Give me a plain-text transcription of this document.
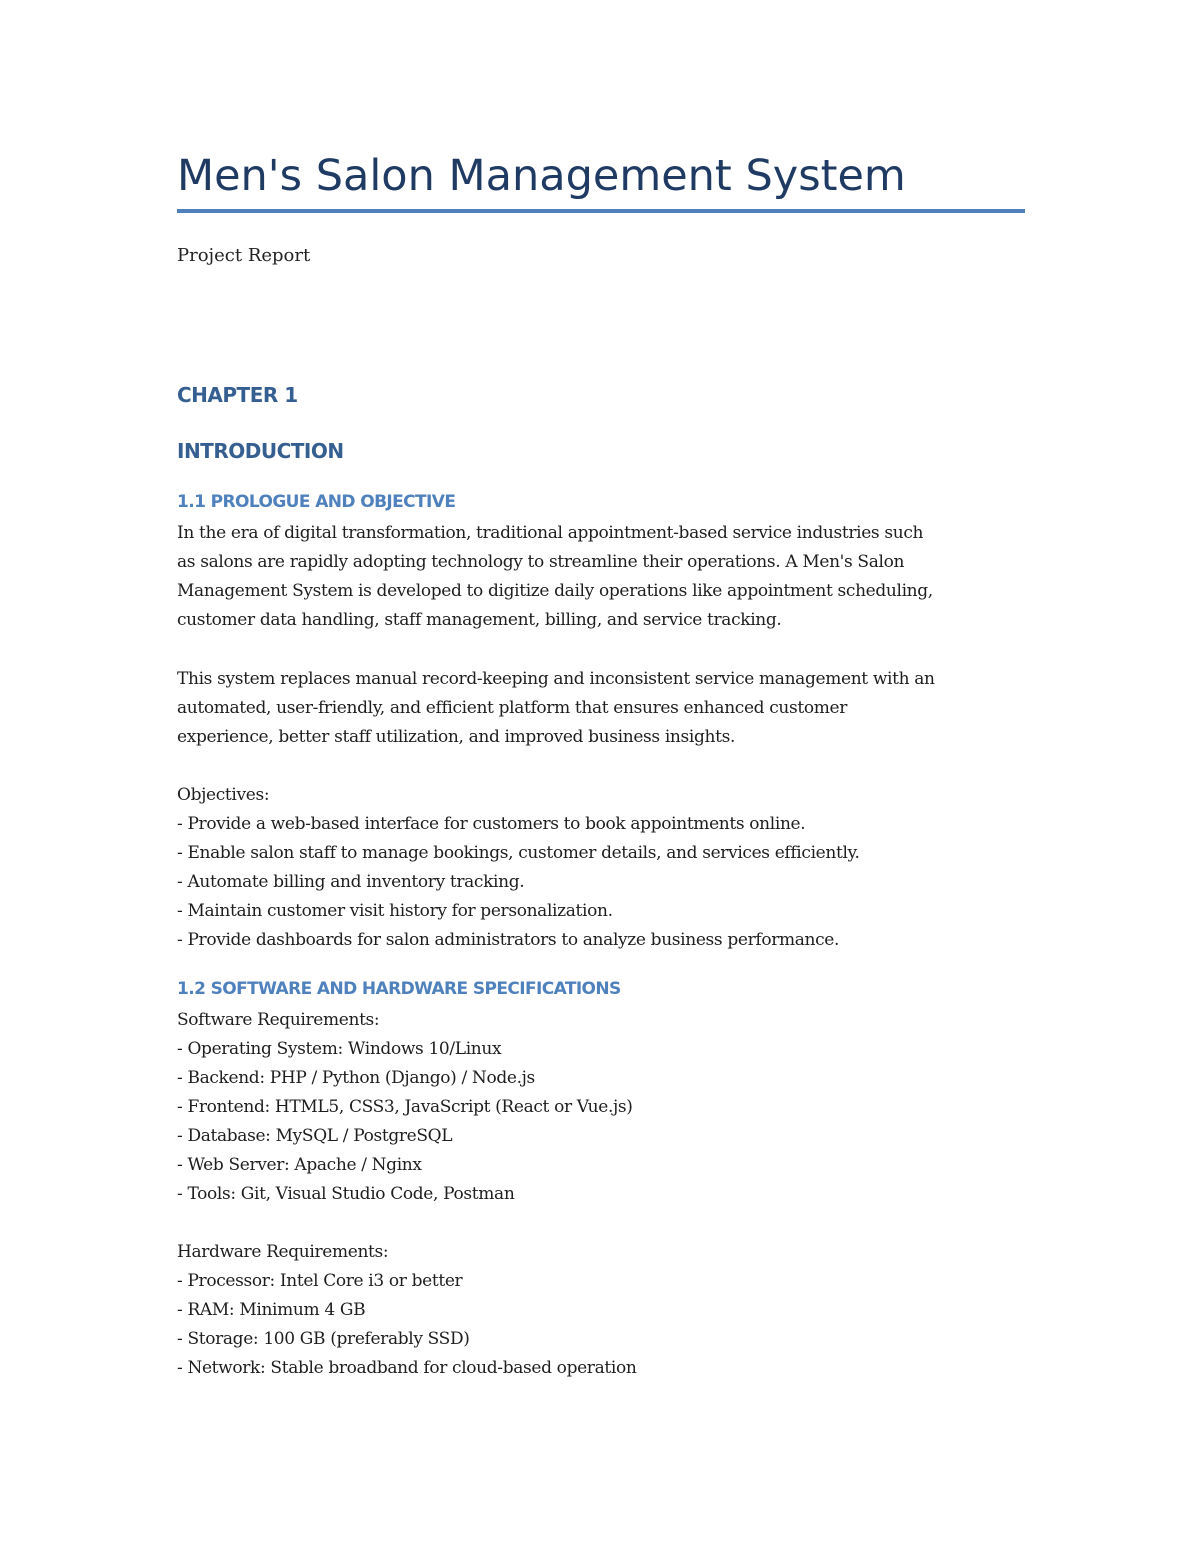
Men's Salon Management System
Project Report
CHAPTER 1
INTRODUCTION
1.1 PROLOGUE AND OBJECTIVE
In the era of digital transformation, traditional appointment-based service industries such
as salons are rapidly adopting technology to streamline their operations. A Men's Salon
Management System is developed to digitize daily operations like appointment scheduling,
customer data handling, staff management, billing, and service tracking.
This system replaces manual record-keeping and inconsistent service management with an
automated, user-friendly, and efficient platform that ensures enhanced customer
experience, better staff utilization, and improved business insights.
Objectives:
- Provide a web-based interface for customers to book appointments online.
- Enable salon staff to manage bookings, customer details, and services efficiently.
- Automate billing and inventory tracking.
- Maintain customer visit history for personalization.
- Provide dashboards for salon administrators to analyze business performance.
1.2 SOFTWARE AND HARDWARE SPECIFICATIONS
Software Requirements:
- Operating System: Windows 10/Linux
- Backend: PHP / Python (Django) / Node.js
- Frontend: HTML5, CSS3, JavaScript (React or Vue.js)
- Database: MySQL / PostgreSQL
- Web Server: Apache / Nginx
- Tools: Git, Visual Studio Code, Postman
Hardware Requirements:
- Processor: Intel Core i3 or better
- RAM: Minimum 4 GB
- Storage: 100 GB (preferably SSD)
- Network: Stable broadband for cloud-based operation
